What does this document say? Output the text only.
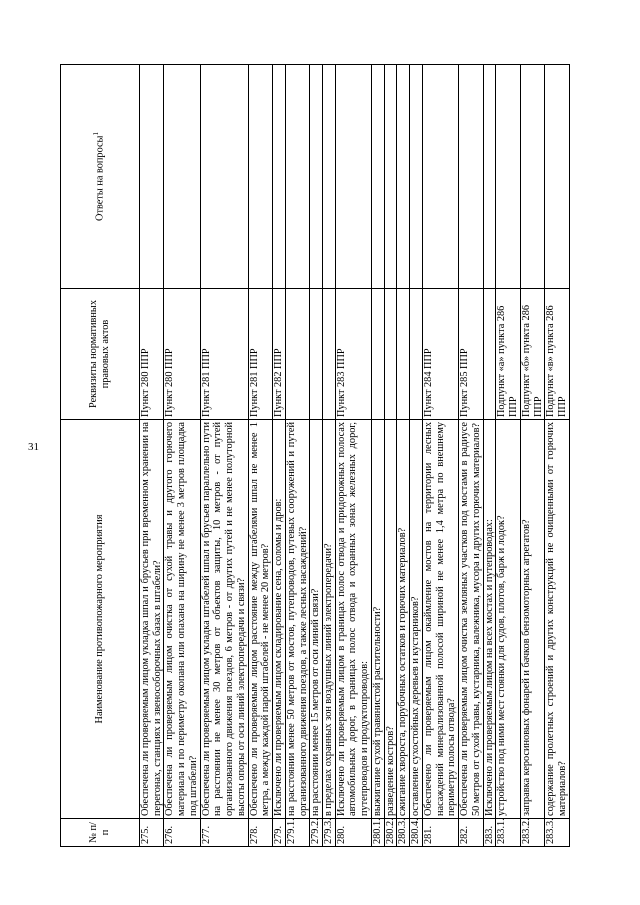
31
№ п/п	Наименование противопожарного мероприятия	Реквизиты нормативных правовых актов	Ответы на вопросы$^1$
275.	Обеспечена ли проверяемым лицом укладка шпал и брусьев при временном хранении на перегонах, станциях и звенособорочных базах в штабели?	Пункт 280 ППР	
276.	Обеспечена ли проверяемым лицом очистка от сухой травы и другого горючего материала и по периметру окопана или опахана на ширину не менее 3 метров площадка под штабели?	Пункт 280 ППР	
277.	Обеспечена ли проверяемым лицом укладка штабелей шпал и брусьев параллельно пути на расстоянии не менее 30 метров от объектов защиты, 10 метров - от путей организованного движения поездов, 6 метров - от других путей и не менее полуторной высоты опоры от оси линий электропередачи и связи?	Пункт 281 ППР	
278.	Обеспечено ли проверяемым лицом расстояние между штабелями шпал не менее 1 метра, а между каждой парой штабелей - не менее 20 метров?	Пункт 281 ППР	
279.	Исключено ли проверяемым лицом складирование сена, соломы и дров:	Пункт 282 ППР	
279.1.	на расстоянии менее 50 метров от мостов, путепроводов, путевых сооружений и путей организованного движения поездов, а также лесных насаждений?		
279.2.	на расстоянии менее 15 метров от оси линий связи?		
279.3.	в пределах охранных зон воздушных линий электропередачи?		
280.	Исключено ли проверяемым лицом в границах полос отвода и придорожных полосах автомобильных дорог, в границах полос отвода и охранных зонах железных дорог, путепроводов и продуктопроводов:	Пункт 283 ППР	
280.1.	выжигание сухой травянистой растительности?		
280.2.	разведение костров?		
280.3.	сжигание хвороста, порубочных остатков и горючих материалов?		
280.4.	оставление сухостойных деревьев и кустарников?		
281.	Обеспечено ли проверяемым лицом окаймление мостов на территории лесных насаждений минерализованной полосой шириной не менее 1,4 метра по внешнему периметру полосы отвода?	Пункт 284 ППР	
282.	Обеспечена ли проверяемым лицом очистка земляных участков под мостами в радиусе 50 метров от сухой травы, кустарника, валежника, мусора и других горючих материалов?	Пункт 285 ППР	
283.	Исключено ли проверяемым лицом на всех мостах и путепроводах:		
283.1.	устройство под ними мест стоянки для судов, плотов, барж и лодок?	Подпункт «а» пункта 286 ППР	
283.2.	заправка керосиновых фонарей и бачков бензомоторных агрегатов?	Подпункт «б» пункта 286 ППР	
283.3.	содержание пролетных строений и других конструкций не очищенными от горючих материалов?	Подпункт «в» пункта 286 ППР	
